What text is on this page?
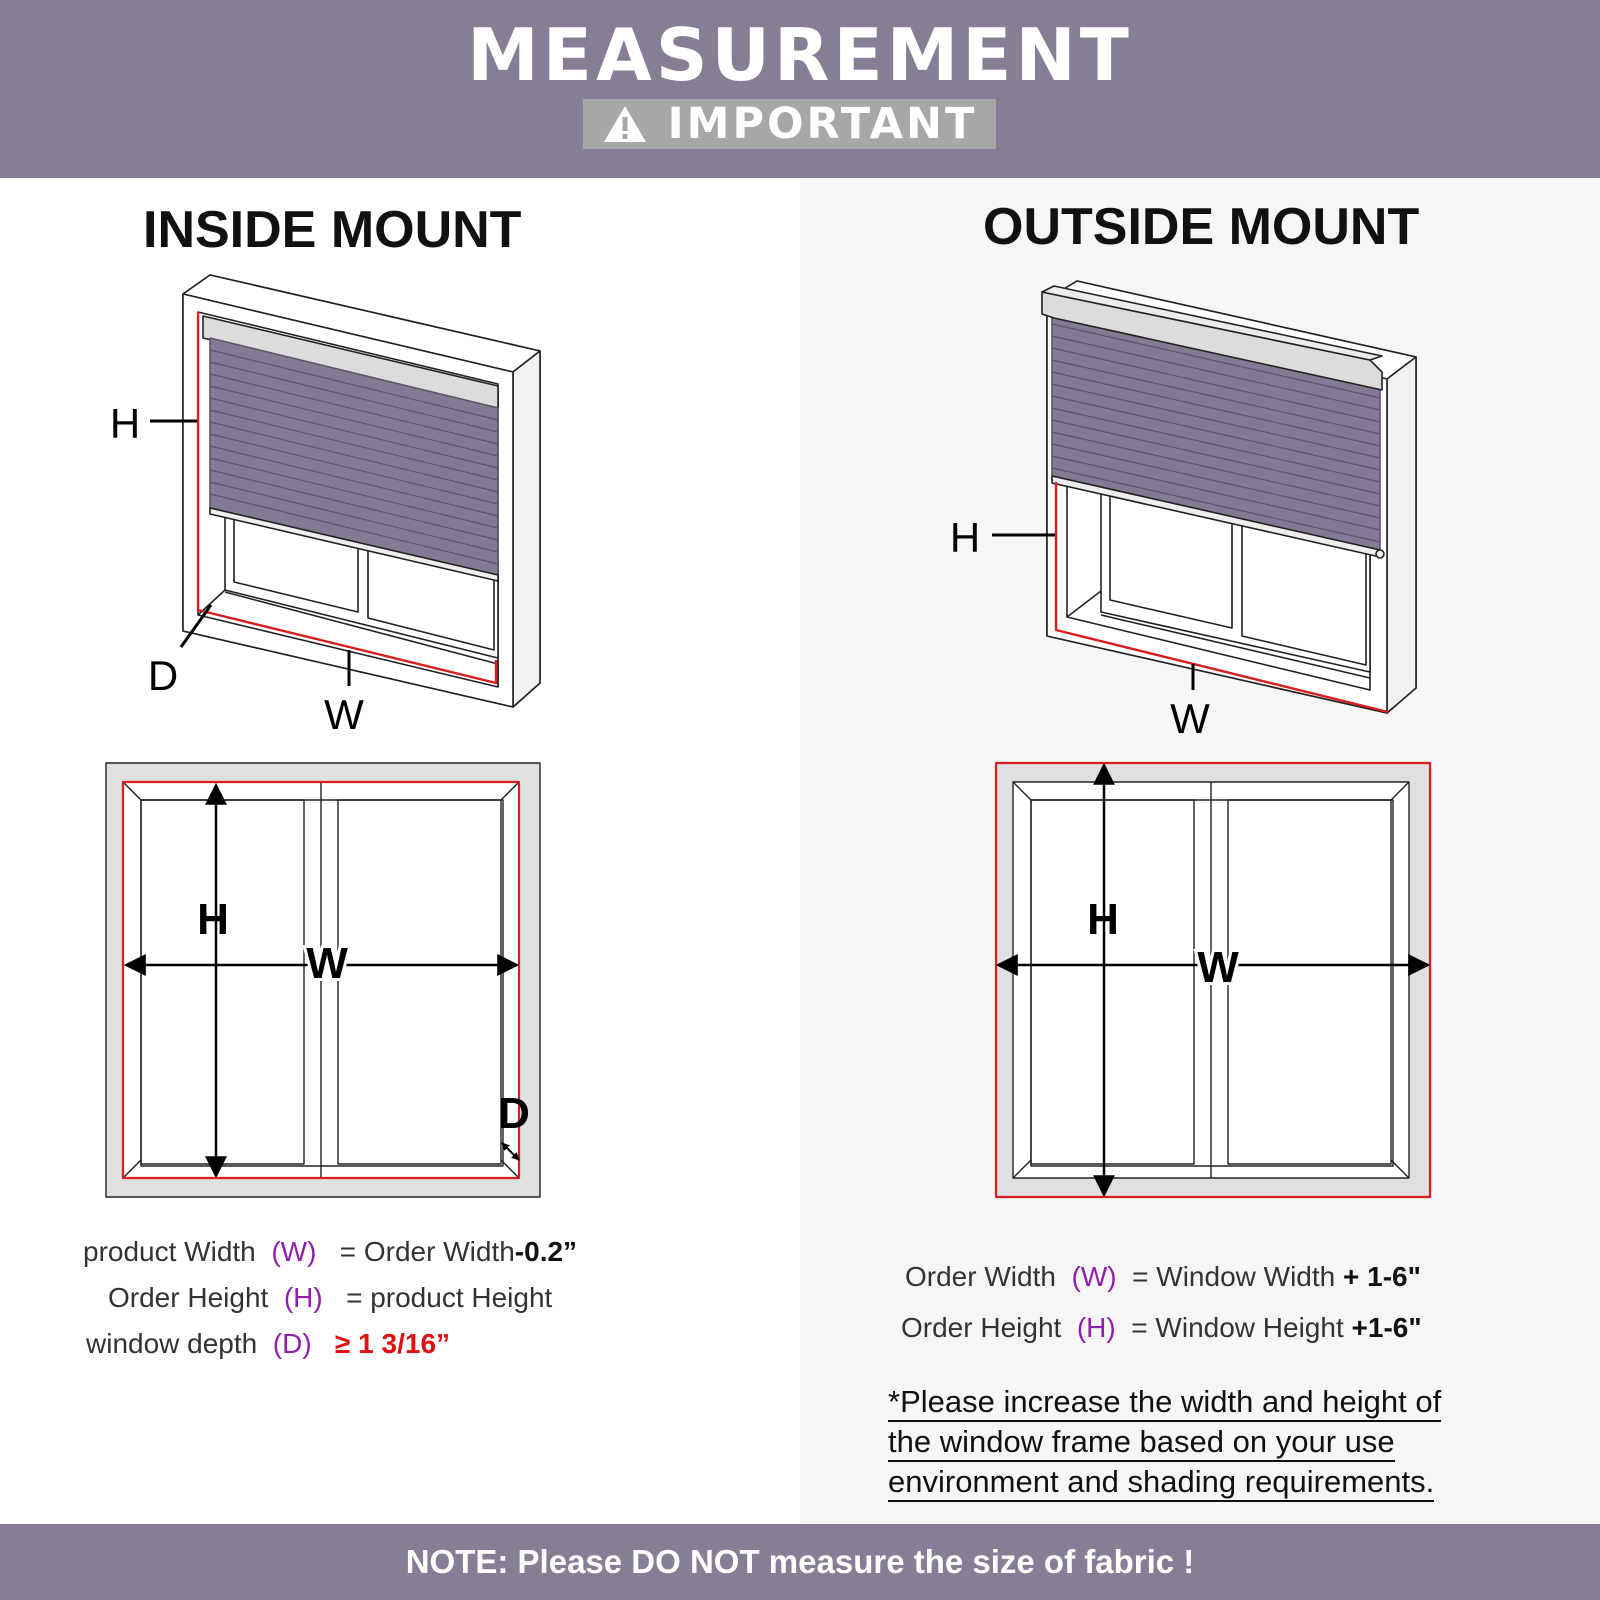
MEASUREMENT
IMPORTANT
INSIDE MOUNT	OUTSIDE MOUNT
H
D
W
H
W
H
W
D
H
W
product Width (W) = Order Width-0.2”
Order Height (H) = product Height
window depth (D) ≥ 1 3/16”
Order Width (W) = Window Width + 1-6"
Order Height (H) = Window Height +1-6"
*Please increase the width and height of
the window frame based on your use
environment and shading requirements.
NOTE: Please DO NOT measure the size of fabric !
